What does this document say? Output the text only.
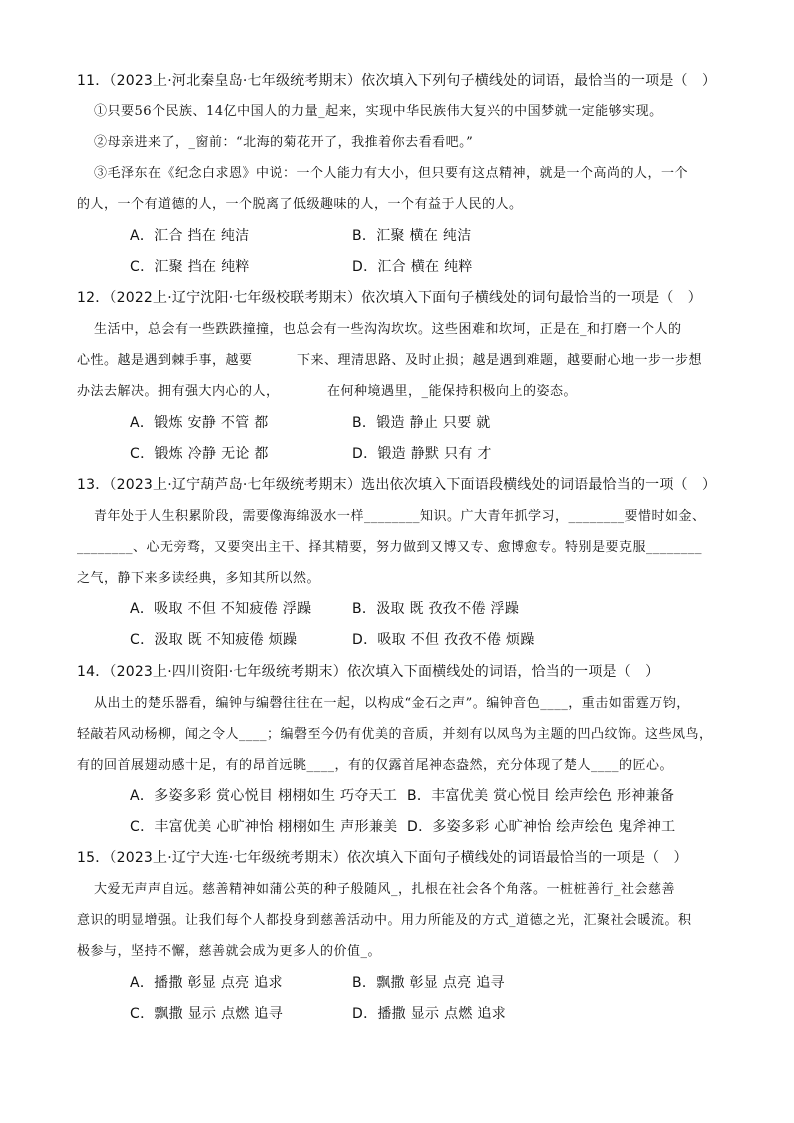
11．（2023上·河北秦皇岛·七年级统考期末）依次填入下列句子横线处的词语，最恰当的一项是（　）
①只要56个民族、14亿中国人的力量_起来，实现中华民族伟大复兴的中国梦就一定能够实现。
②母亲进来了，_窗前：“北海的菊花开了，我推着你去看看吧。”
③毛泽东在《纪念白求恩》中说：一个人能力有大小，但只要有这点精神，就是一个高尚的人，一个
的人，一个有道德的人，一个脱离了低级趣味的人，一个有益于人民的人。
A．汇合 挡在 纯洁	B．汇聚 横在 纯洁
C．汇聚 挡在 纯粹	D．汇合 横在 纯粹
12．（2022上·辽宁沈阳·七年级校联考期末）依次填入下面句子横线处的词句最恰当的一项是（　）
生活中，总会有一些跌跌撞撞，也总会有一些沟沟坎坎。这些困难和坎坷，正是在_和打磨一个人的
心性。越是遇到棘手事，越要	下来、理清思路、及时止损；越是遇到难题，越要耐心地一步一步想
办法去解决。拥有强大内心的人，	在何种境遇里，_能保持积极向上的姿态。
A．锻炼 安静 不管 都	B．锻造 静止 只要 就
C．锻炼 冷静 无论 都	D．锻造 静默 只有 才
13．（2023上·辽宁葫芦岛·七年级统考期末）选出依次填入下面语段横线处的词语最恰当的一项（　）
青年处于人生积累阶段，需要像海绵汲水一样________知识。广大青年抓学习，________要惜时如金、
________、心无旁骛，又要突出主干、择其精要，努力做到又博又专、愈博愈专。特别是要克服________
之气，静下来多读经典，多知其所以然。
A．吸取 不但 不知疲倦 浮躁	B．汲取 既 孜孜不倦 浮躁
C．汲取 既 不知疲倦 烦躁	D．吸取 不但 孜孜不倦 烦躁
14．（2023上·四川资阳·七年级统考期末）依次填入下面横线处的词语，恰当的一项是（　）
从出土的楚乐器看，编钟与编磬往往在一起，以构成“金石之声”。编钟音色____，重击如雷霆万钧，
轻敲若风动杨柳，闻之令人____；编磬至今仍有优美的音质，并刻有以凤鸟为主题的凹凸纹饰。这些凤鸟，
有的回首展翅动感十足，有的昂首远眺____，有的仅露首尾神态盎然，充分体现了楚人____的匠心。
A．多姿多彩 赏心悦目 栩栩如生 巧夺天工 B．丰富优美 赏心悦目 绘声绘色 形神兼备
C．丰富优美 心旷神怡 栩栩如生 声形兼美 D．多姿多彩 心旷神怡 绘声绘色 鬼斧神工
15．（2023上·辽宁大连·七年级统考期末）依次填入下面句子横线处的词语最恰当的一项是（　）
大爱无声声自远。慈善精神如蒲公英的种子般随风_，扎根在社会各个角落。一桩桩善行_社会慈善
意识的明显增强。让我们每个人都投身到慈善活动中。用力所能及的方式_道德之光，汇聚社会暖流。积
极参与，坚持不懈，慈善就会成为更多人的价值_。
A．播撒 彰显 点亮 追求	B．飘撒 彰显 点亮 追寻
C．飘撒 显示 点燃 追寻	D．播撒 显示 点燃 追求
